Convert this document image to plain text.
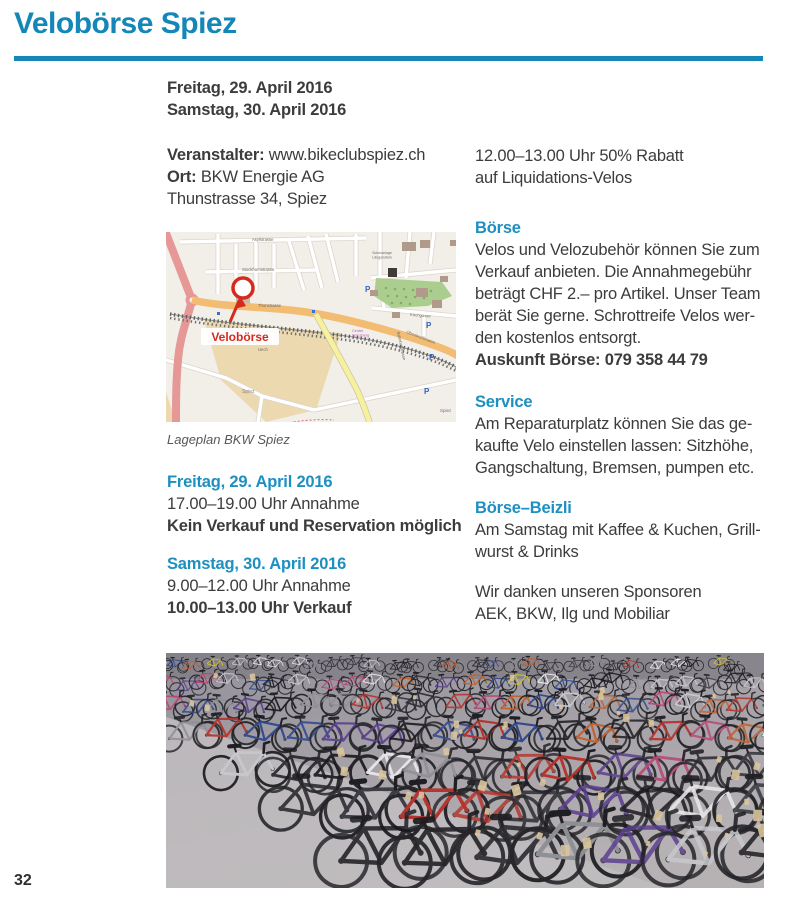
Velobörse Spiez
Freitag, 29. April 2016
Samstag, 30. April 2016
Veranstalter: www.bikeclubspiez.ch
Ort: BKW Energie AG
Thunstrasse 34, Spiez
P
P
P
P
Asylstrasse
Stockhornstrasse
Thunstrasse
Kirchgasse
Oberlandstrasse
Bahnhofstrasse
Schulanlage
Längenstein
Center
Spiezberg
Uech
Spiez
Spiez
Velobörse
Lageplan BKW Spiez
Freitag, 29. April 2016
17.00–19.00 Uhr Annahme
Kein Verkauf und Reservation möglich
Samstag, 30. April 2016
9.00–12.00 Uhr Annahme
10.00–13.00 Uhr Verkauf
12.00–13.00 Uhr 50% Rabatt
auf Liquidations-Velos
Börse
Velos und Velozubehör können Sie zum
Verkauf anbieten. Die Annahmegebühr
beträgt CHF 2.– pro Artikel. Unser Team
berät Sie gerne. Schrottreife Velos wer-
den kostenlos entsorgt.
Auskunft Börse: 079 358 44 79
Service
Am Reparaturplatz können Sie das ge-
kaufte Velo einstellen lassen: Sitzhöhe,
Gangschaltung, Bremsen, pumpen etc.
Börse–Beizli
Am Samstag mit Kaffee & Kuchen, Grill-
wurst & Drinks
Wir danken unseren Sponsoren
AEK, BKW, Ilg und Mobiliar
32
